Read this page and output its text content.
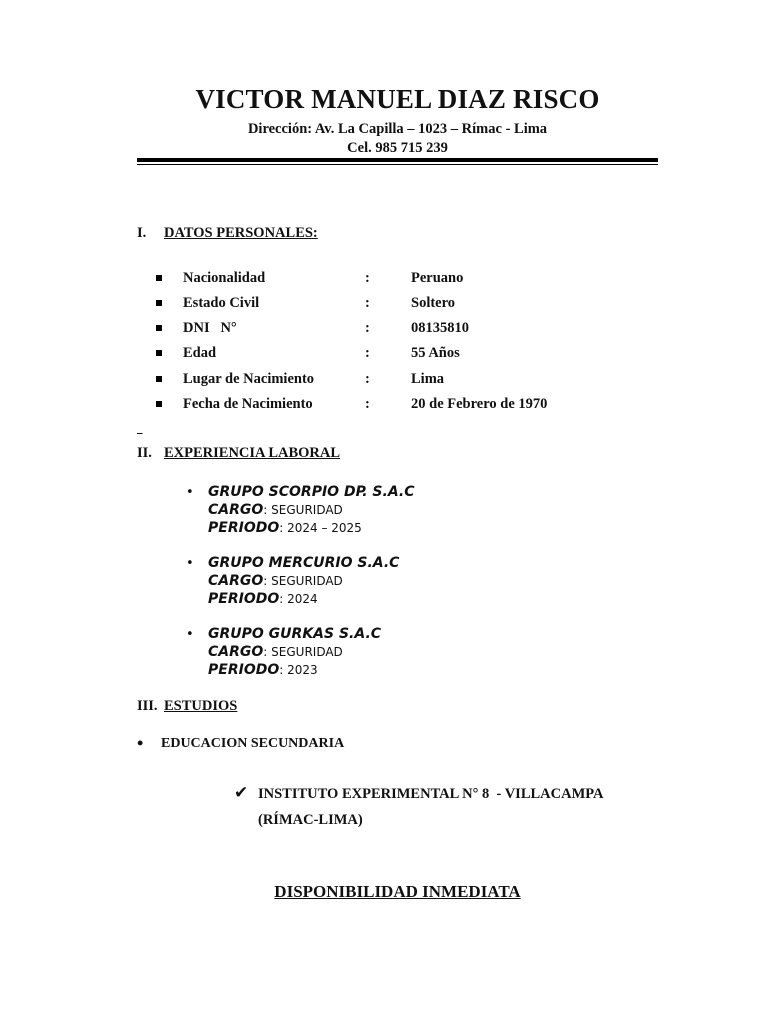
VICTOR MANUEL DIAZ RISCO
Dirección: Av. La Capilla – 1023 – Rímac - Lima
Cel. 985 715 239
I. DATOS PERSONALES:
Nacionalidad	:	Peruano
Estado Civil	:	Soltero
DNI   N°	:	08135810
Edad	:	55 Años
Lugar de Nacimiento	:	Lima
Fecha de Nacimiento	:	20 de Febrero de 1970
_
II. EXPERIENCIA LABORAL
• GRUPO SCORPIO DP. S.A.C
CARGO: SEGURIDAD
PERIODO: 2024 – 2025
• GRUPO MERCURIO S.A.C
CARGO: SEGURIDAD
PERIODO: 2024
• GRUPO GURKAS S.A.C
CARGO: SEGURIDAD
PERIODO: 2023
III. ESTUDIOS
• EDUCACION SECUNDARIA
✔ INSTITUTO EXPERIMENTAL N° 8  - VILLACAMPA
(RÍMAC-LIMA)
DISPONIBILIDAD INMEDIATA
